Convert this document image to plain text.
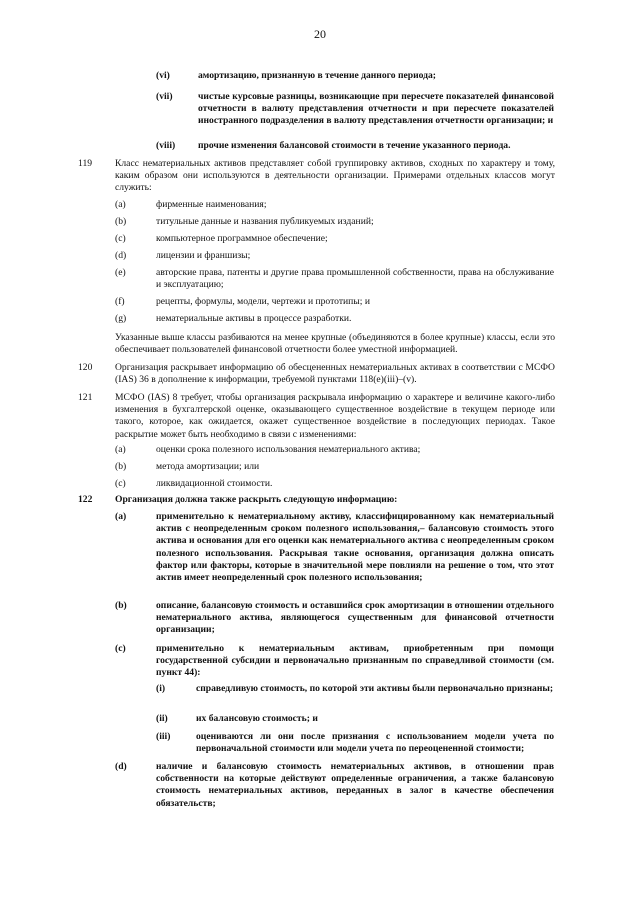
20
(vi)	амортизацию, признанную в течение данного периода;
(vii)	чистые курсовые разницы, возникающие при пересчете показателей финансовой отчетности в валюту представления отчетности и при пересчете показателей иностранного подразделения в валюту представления отчетности организации; и
(viii) прочие изменения балансовой стоимости в течение указанного периода.
119 Класс нематериальных активов представляет собой группировку активов, сходных по характеру и тому, каким образом они используются в деятельности организации. Примерами отдельных классов могут служить:
(a)	фирменные наименования;
(b)	титульные данные и названия публикуемых изданий;
(c)	компьютерное программное обеспечение;
(d)	лицензии и франшизы;
(e)	авторские права, патенты и другие права промышленной собственности, права на обслуживание и эксплуатацию;
(f)	рецепты, формулы, модели, чертежи и прототипы; и
(g)	нематериальные активы в процессе разработки.
Указанные выше классы разбиваются на менее крупные (объединяются в более крупные) классы, если это обеспечивает пользователей финансовой отчетности более уместной информацией.
120 Организация раскрывает информацию об обесцененных нематериальных активах в соответствии с МСФО (IAS) 36 в дополнение к информации, требуемой пунктами 118(e)(iii)–(v).
121 МСФО (IAS) 8 требует, чтобы организация раскрывала информацию о характере и величине какого-либо изменения в бухгалтерской оценке, оказывающего существенное воздействие в текущем периоде или такого, которое, как ожидается, окажет существенное воздействие в последующих периодах. Такое раскрытие может быть необходимо в связи с изменениями:
(a)	оценки срока полезного использования нематериального актива;
(b)	метода амортизации; или
(c)	ликвидационной стоимости.
122 Организация должна также раскрыть следующую информацию:
(a)	применительно к нематериальному активу, классифицированному как нематериальный актив с неопределенным сроком полезного использования,– балансовую стоимость этого актива и основания для его оценки как нематериального актива с неопределенным сроком полезного использования. Раскрывая такие основания, организация должна описать фактор или факторы, которые в значительной мере повлияли на решение о том, что этот актив имеет неопределенный срок полезного использования;
(b)	описание, балансовую стоимость и оставшийся срок амортизации в отношении отдельного нематериального актива, являющегося существенным для финансовой отчетности организации;
(c)	применительно к нематериальным активам, приобретенным при помощи государственной субсидии и первоначально признанным по справедливой стоимости (см. пункт 44):
(i)	справедливую стоимость, по которой эти активы были первоначально признаны;
(ii)	их балансовую стоимость; и
(iii)	оцениваются ли они после признания с использованием модели учета по первоначальной стоимости или модели учета по переоцененной стоимости;
(d)	наличие и балансовую стоимость нематериальных активов, в отношении прав собственности на которые действуют определенные ограничения, а также балансовую стоимость нематериальных активов, переданных в залог в качестве обеспечения обязательств;
